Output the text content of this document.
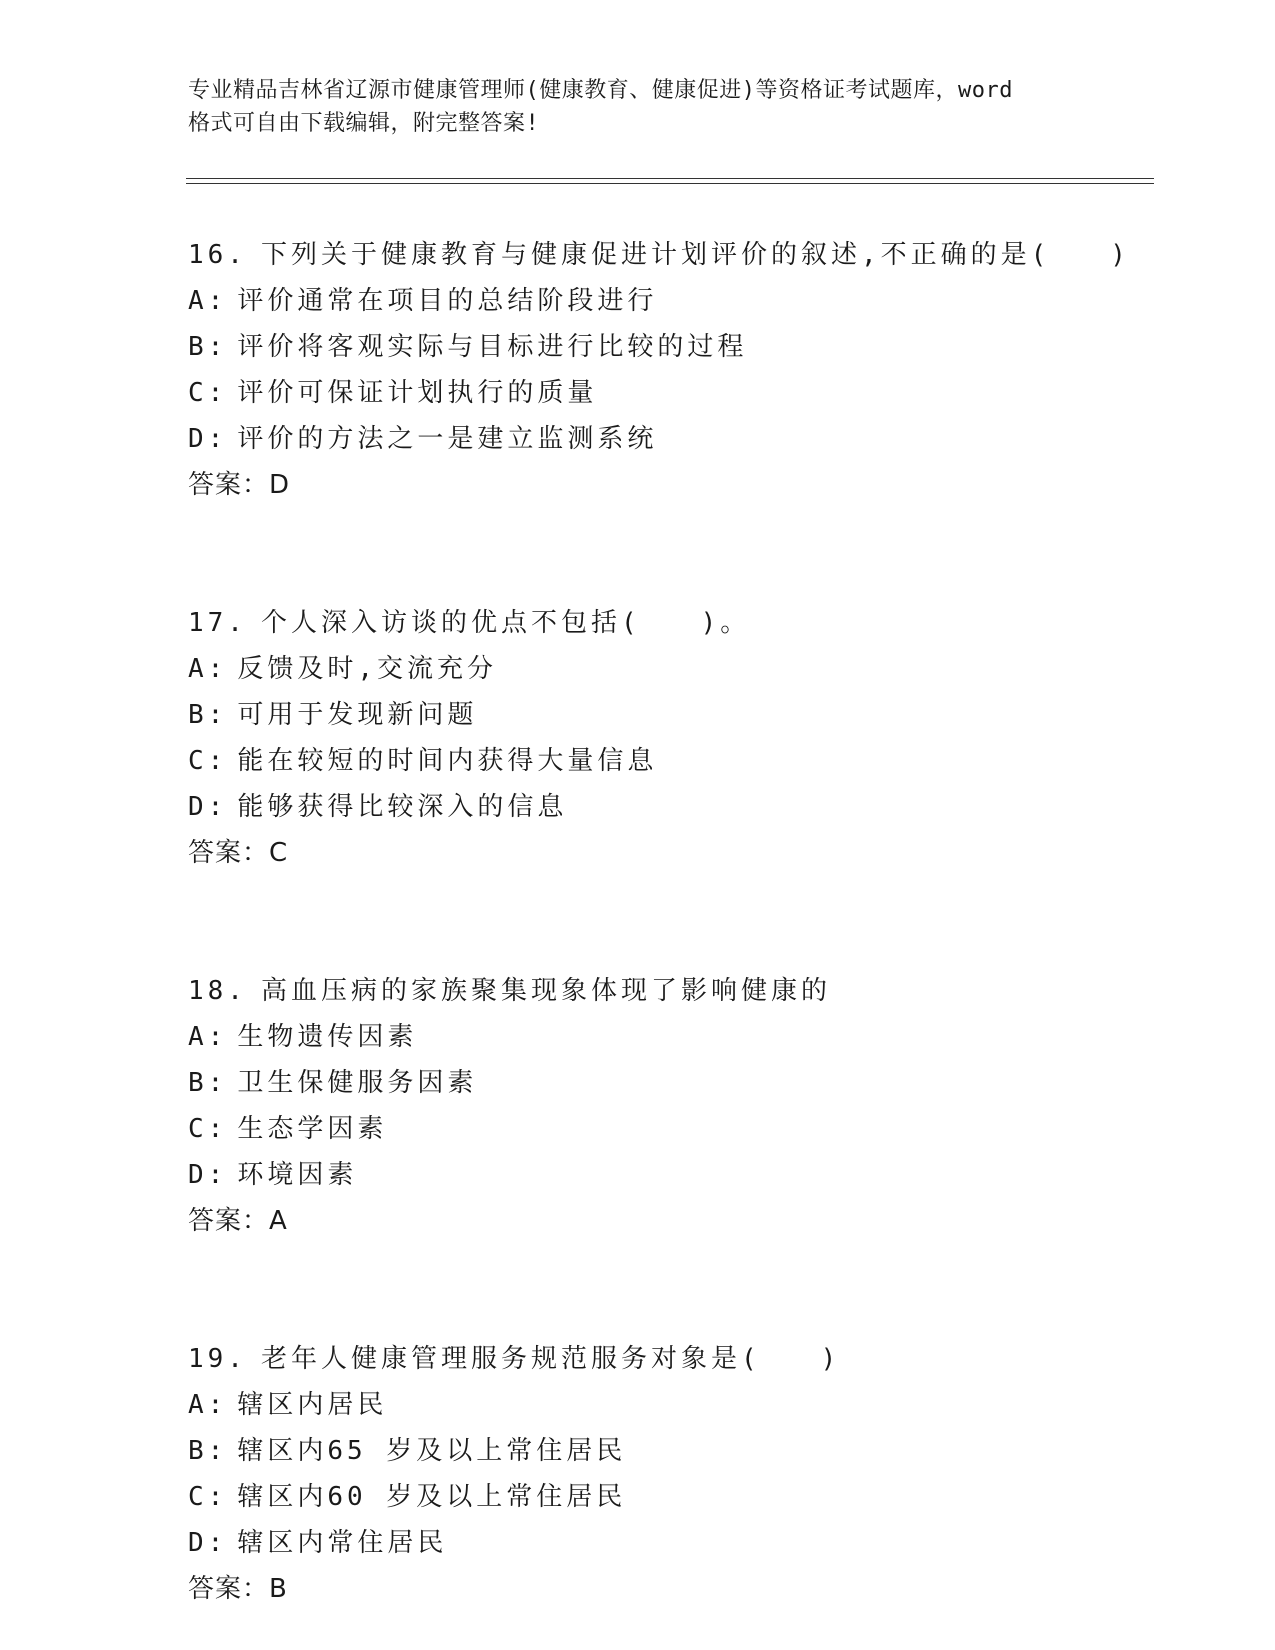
专业精品吉林省辽源市健康管理师(健康教育、健康促进)等资格证考试题库，word
格式可自由下载编辑，附完整答案!
16. 下列关于健康教育与健康促进计划评价的叙述,不正确的是(　　)
A: 评价通常在项目的总结阶段进行
B: 评价将客观实际与目标进行比较的过程
C: 评价可保证计划执行的质量
D: 评价的方法之一是建立监测系统
答案：D
17. 个人深入访谈的优点不包括(　　)。
A: 反馈及时,交流充分
B: 可用于发现新问题
C: 能在较短的时间内获得大量信息
D: 能够获得比较深入的信息
答案：C
18. 高血压病的家族聚集现象体现了影响健康的
A: 生物遗传因素
B: 卫生保健服务因素
C: 生态学因素
D: 环境因素
答案：A
19. 老年人健康管理服务规范服务对象是(　　)
A: 辖区内居民
B: 辖区内65 岁及以上常住居民
C: 辖区内60 岁及以上常住居民
D: 辖区内常住居民
答案：B
